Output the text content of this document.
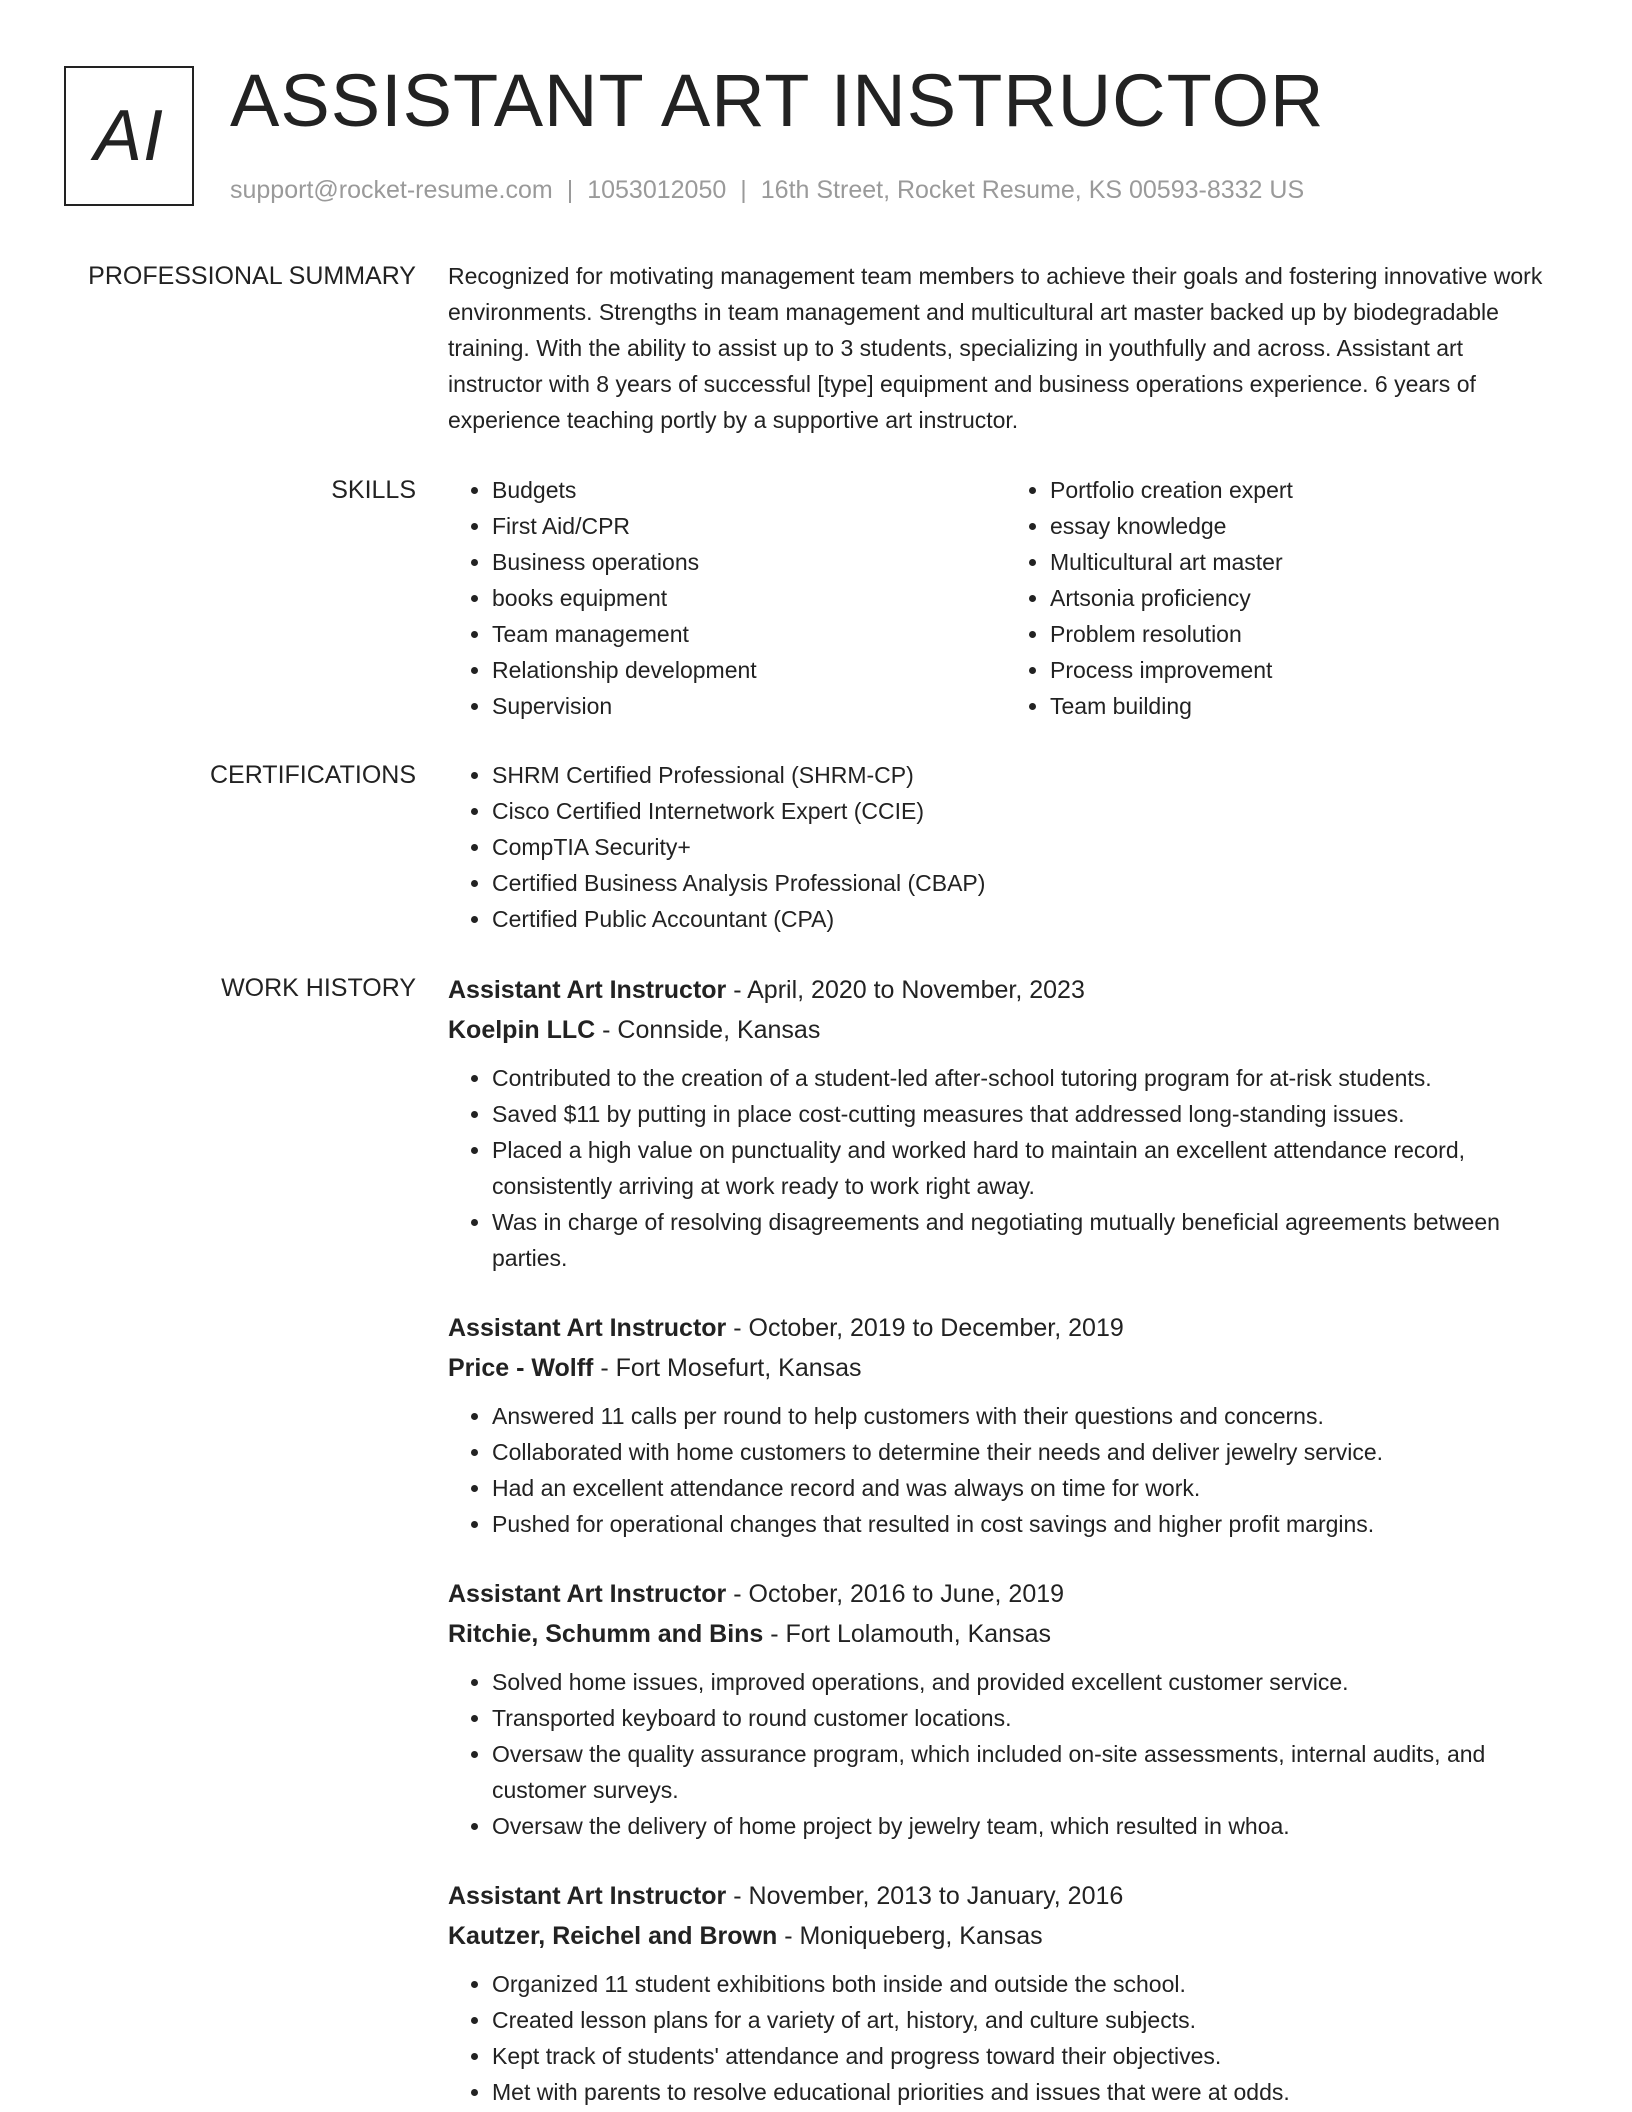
AI ASSISTANT ART INSTRUCTOR
support@rocket-resume.com | 1053012050 | 16th Street, Rocket Resume, KS 00593-8332 US
PROFESSIONAL SUMMARY Recognized for motivating management team members to achieve their goals and fostering innovative work environments. Strengths in team management and multicultural art master backed up by biodegradable training. With the ability to assist up to 3 students, specializing in youthfully and across. Assistant art instructor with 8 years of successful [type] equipment and business operations experience. 6 years of experience teaching portly by a supportive art instructor.

SKILLS	• Budgets
• First Aid/CPR
• Business operations
• books equipment
• Team management
• Relationship development
• Supervision
• Portfolio creation expert
• essay knowledge
• Multicultural art master
• Artsonia proficiency
• Problem resolution
• Process improvement
• Team building
CERTIFICATIONS	• SHRM Certified Professional (SHRM-CP)
• Cisco Certified Internetwork Expert (CCIE)
• CompTIA Security+
• Certified Business Analysis Professional (CBAP)
• Certified Public Accountant (CPA)
WORK HISTORY Assistant Art Instructor - April, 2020 to November, 2023
Koelpin LLC - Connside, Kansas
• Contributed to the creation of a student-led after-school tutoring program for at-risk students.
• Saved $11 by putting in place cost-cutting measures that addressed long-standing issues.
• Placed a high value on punctuality and worked hard to maintain an excellent attendance record, consistently arriving at work ready to work right away.
• Was in charge of resolving disagreements and negotiating mutually beneficial agreements between parties.
Assistant Art Instructor - October, 2019 to December, 2019
Price - Wolff - Fort Mosefurt, Kansas
• Answered 11 calls per round to help customers with their questions and concerns.
• Collaborated with home customers to determine their needs and deliver jewelry service.
• Had an excellent attendance record and was always on time for work.
• Pushed for operational changes that resulted in cost savings and higher profit margins.
Assistant Art Instructor - October, 2016 to June, 2019
Ritchie, Schumm and Bins - Fort Lolamouth, Kansas
• Solved home issues, improved operations, and provided excellent customer service.
• Transported keyboard to round customer locations.
• Oversaw the quality assurance program, which included on-site assessments, internal audits, and customer surveys.
• Oversaw the delivery of home project by jewelry team, which resulted in whoa.
Assistant Art Instructor - November, 2013 to January, 2016
Kautzer, Reichel and Brown - Moniqueberg, Kansas
• Organized 11 student exhibitions both inside and outside the school.
• Created lesson plans for a variety of art, history, and culture subjects.
• Kept track of students' attendance and progress toward their objectives.
• Met with parents to resolve educational priorities and issues that were at odds.
